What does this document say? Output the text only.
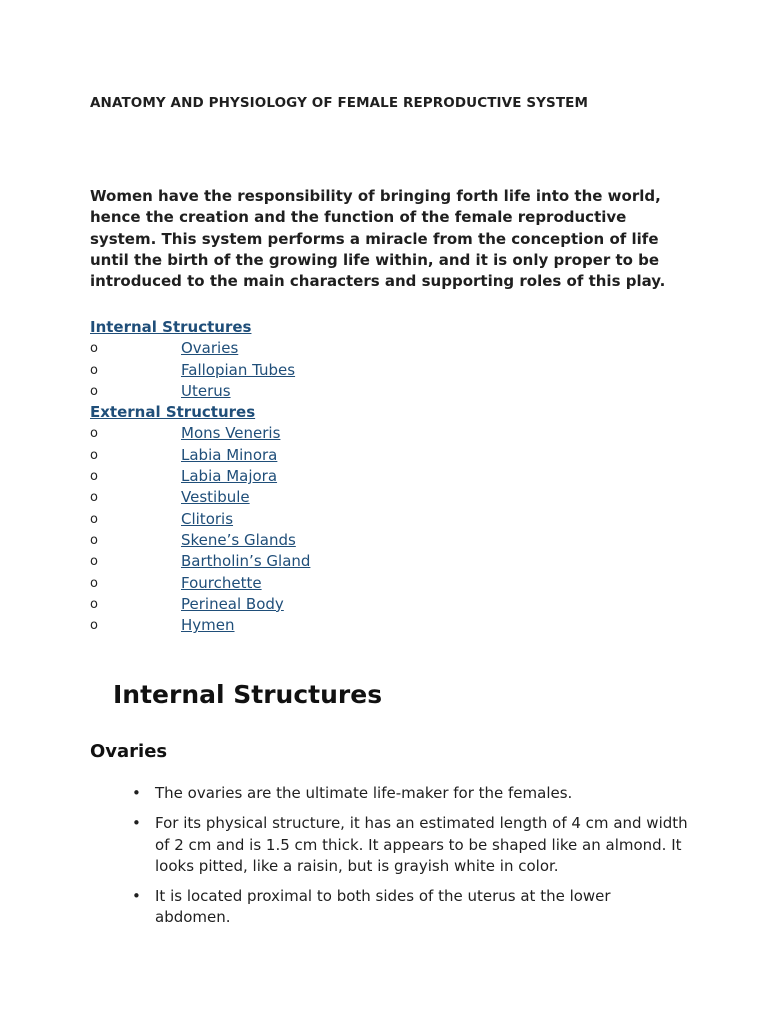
ANATOMY AND PHYSIOLOGY OF FEMALE REPRODUCTIVE SYSTEM

Women have the responsibility of bringing forth life into the world, hence the creation and the function of the female reproductive system. This system performs a miracle from the conception of life until the birth of the growing life within, and it is only proper to be introduced to the main characters and supporting roles of this play.

Internal Structures
o	Ovaries
o	Fallopian Tubes
o	Uterus
External Structures
o	Mons Veneris
o	Labia Minora
o	Labia Majora
o	Vestibule
o	Clitoris
o	Skene’s Glands
o	Bartholin’s Gland
o	Fourchette
o	Perineal Body
o	Hymen
Internal Structures
Ovaries
• The ovaries are the ultimate life-maker for the females.
• For its physical structure, it has an estimated length of 4 cm and width of 2 cm and is 1.5 cm thick. It appears to be shaped like an almond. It looks pitted, like a raisin, but is grayish white in color.
• It is located proximal to both sides of the uterus at the lower abdomen.
